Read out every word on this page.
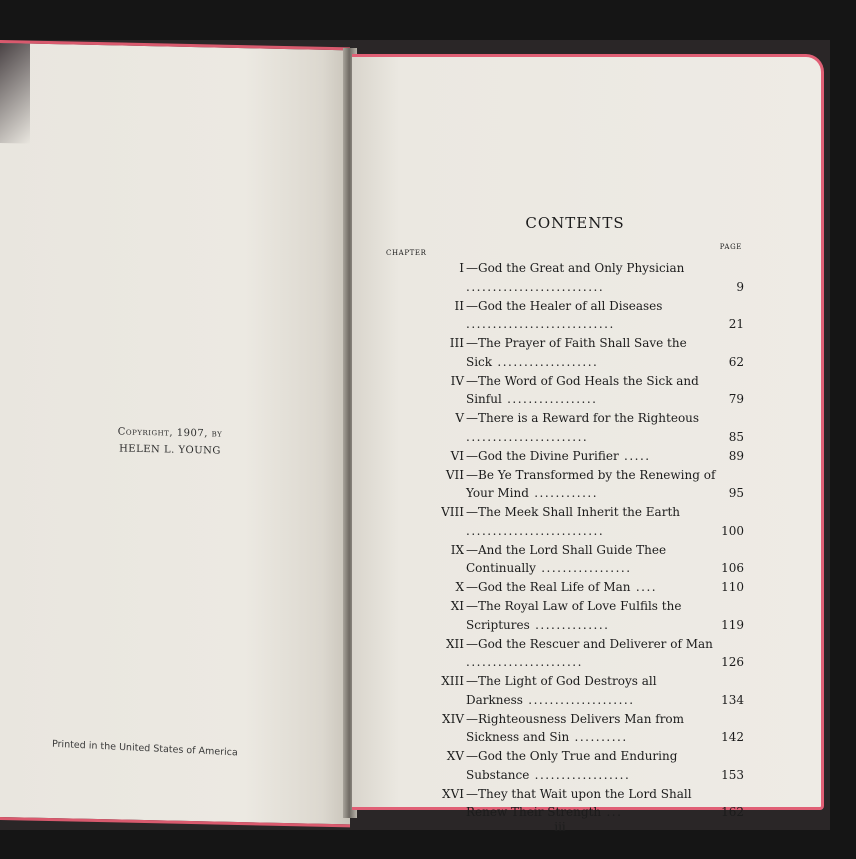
Copyright, 1907, by
HELEN L. YOUNG
Printed in the United States of America
CONTENTS
CHAPTER
PAGE
I —God the Great and Only Physician ..........................	9
II —God the Healer of all Diseases ............................	21
III —The Prayer of Faith Shall Save the Sick ...................	62
IV —The Word of God Heals the Sick and Sinful .................	79
V —There is a Reward for the Righteous .......................	85
VI —God the Divine Purifier .....	89
VII —Be Ye Transformed by the Renewing of Your Mind ............	95
VIII —The Meek Shall Inherit the Earth ..........................	100
IX —And the Lord Shall Guide Thee Continually .................	106
X —God the Real Life of Man ....	110
XI —The Royal Law of Love Fulfils the Scriptures ..............	119
XII —God the Rescuer and Deliverer of Man ......................	126
XIII —The Light of God Destroys all Darkness ....................	134
XIV —Righteousness Delivers Man from Sickness and Sin ..........	142
XV —God the Only True and Enduring Substance ..................	153
XVI —They that Wait upon the Lord Shall Renew Their Strength ...	162
iii
